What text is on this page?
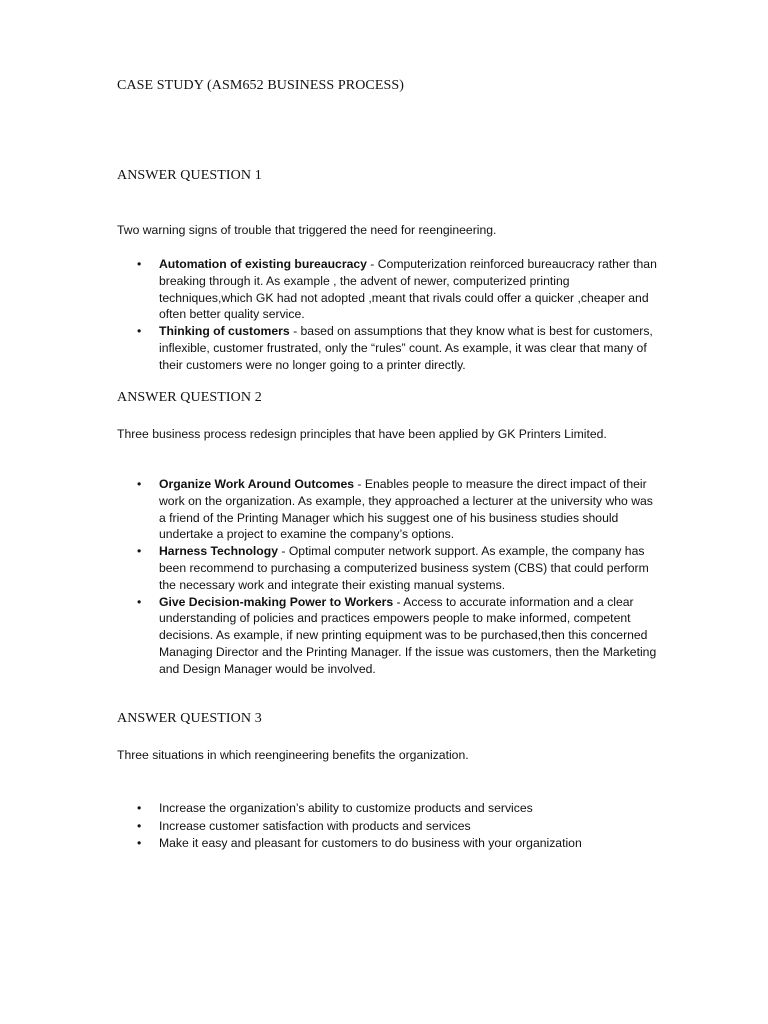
CASE STUDY (ASM652 BUSINESS PROCESS)
ANSWER QUESTION 1

Two warning signs of trouble that triggered the need for reengineering.

• Automation of existing bureaucracy - Computerization reinforced bureaucracy rather than breaking through it. As example , the advent of newer, computerized printing techniques,which GK had not adopted ,meant that rivals could offer a quicker ,cheaper and often better quality service.
• Thinking of customers - based on assumptions that they know what is best for customers, inflexible, customer frustrated, only the “rules” count. As example, it was clear that many of their customers were no longer going to a printer directly.
ANSWER QUESTION 2

Three business process redesign principles that have been applied by GK Printers Limited.

• Organize Work Around Outcomes - Enables people to measure the direct impact of their work on the organization. As example, they approached a lecturer at the university who was a friend of the Printing Manager which his suggest one of his business studies should undertake a project to examine the company’s options.
• Harness Technology - Optimal computer network support. As example, the company has been recommend to purchasing a computerized business system (CBS) that could perform the necessary work and integrate their existing manual systems.
• Give Decision-making Power to Workers - Access to accurate information and a clear understanding of policies and practices empowers people to make informed, competent decisions. As example, if new printing equipment was to be purchased,then this concerned Managing Director and the Printing Manager. If the issue was customers, then the Marketing and Design Manager would be involved.
ANSWER QUESTION 3

Three situations in which reengineering benefits the organization.

• Increase the organization’s ability to customize products and services
• Increase customer satisfaction with products and services
• Make it easy and pleasant for customers to do business with your organization
